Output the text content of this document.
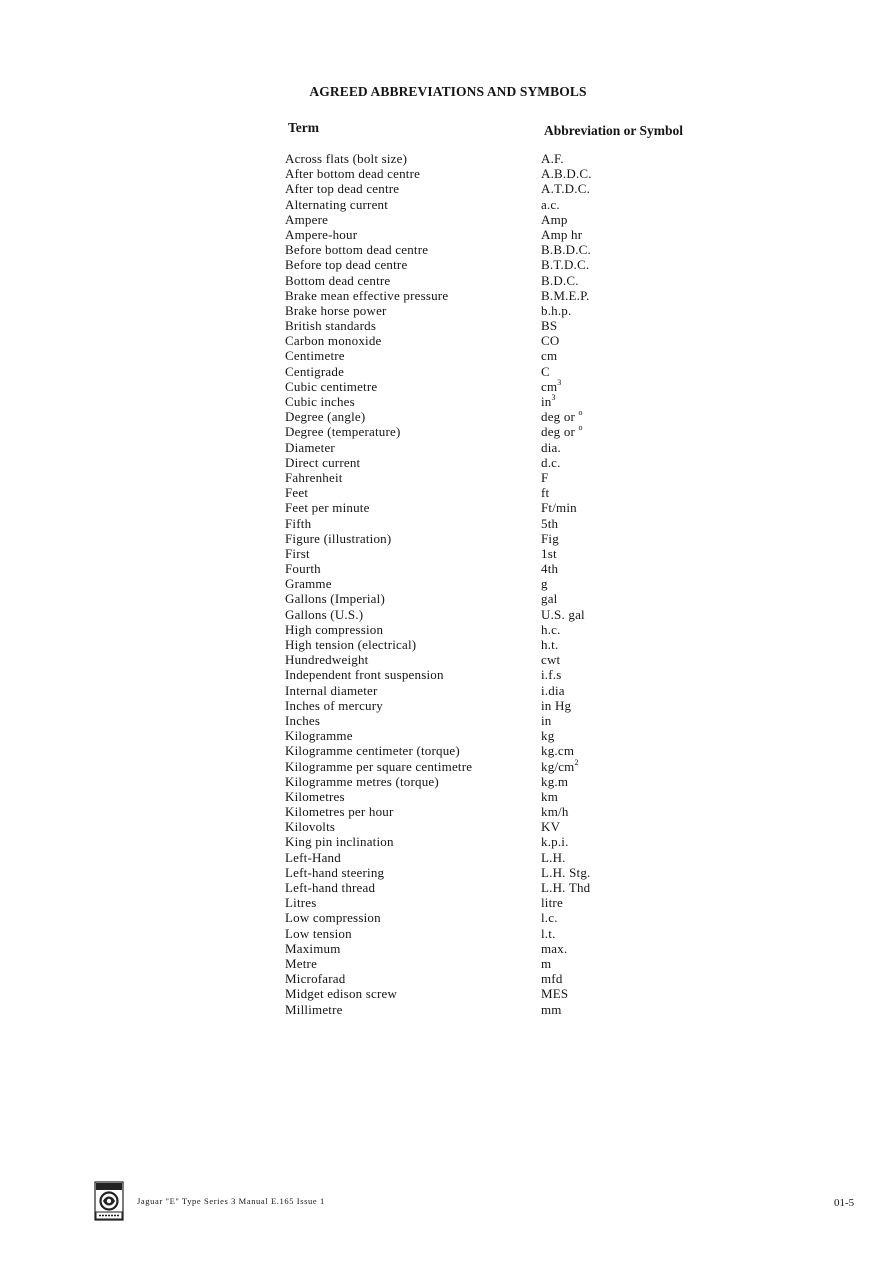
AGREED ABBREVIATIONS AND SYMBOLS
Term	Abbreviation or Symbol
Across flats (bolt size)	A.F.
After bottom dead centre	A.B.D.C.
After top dead centre	A.T.D.C.
Alternating current	a.c.
Ampere	Amp
Ampere-hour	Amp hr
Before bottom dead centre	B.B.D.C.
Before top dead centre	B.T.D.C.
Bottom dead centre	B.D.C.
Brake mean effective pressure	B.M.E.P.
Brake horse power	b.h.p.
British standards	BS
Carbon monoxide	CO
Centimetre	cm
Centigrade	C
Cubic centimetre	$cm^3$
Cubic inches	$in^3$
Degree (angle)	deg or $^o$
Degree (temperature)	deg or $^o$
Diameter	dia.
Direct current	d.c.
Fahrenheit	F
Feet	ft
Feet per minute	Ft/min
Fifth	5th
Figure (illustration)	Fig
First	1st
Fourth	4th
Gramme	g
Gallons (Imperial)	gal
Gallons (U.S.)	U.S. gal
High compression	h.c.
High tension (electrical)	h.t.
Hundredweight	cwt
Independent front suspension	i.f.s
Internal diameter	i.dia
Inches of mercury	in Hg
Inches	in
Kilogramme	kg
Kilogramme centimeter (torque)	kg.cm
Kilogramme per square centimetre	$kg/cm^2$
Kilogramme metres (torque)	kg.m
Kilometres	km
Kilometres per hour	km/h
Kilovolts	KV
King pin inclination	k.p.i.
Left-Hand	L.H.
Left-hand steering	L.H. Stg.
Left-hand thread	L.H. Thd
Litres	litre
Low compression	l.c.
Low tension	l.t.
Maximum	max.
Metre	m
Microfarad	mfd
Midget edison screw	MES
Millimetre	mm
Jaguar "E" Type Series 3 Manual E.165 Issue 1	01-5
